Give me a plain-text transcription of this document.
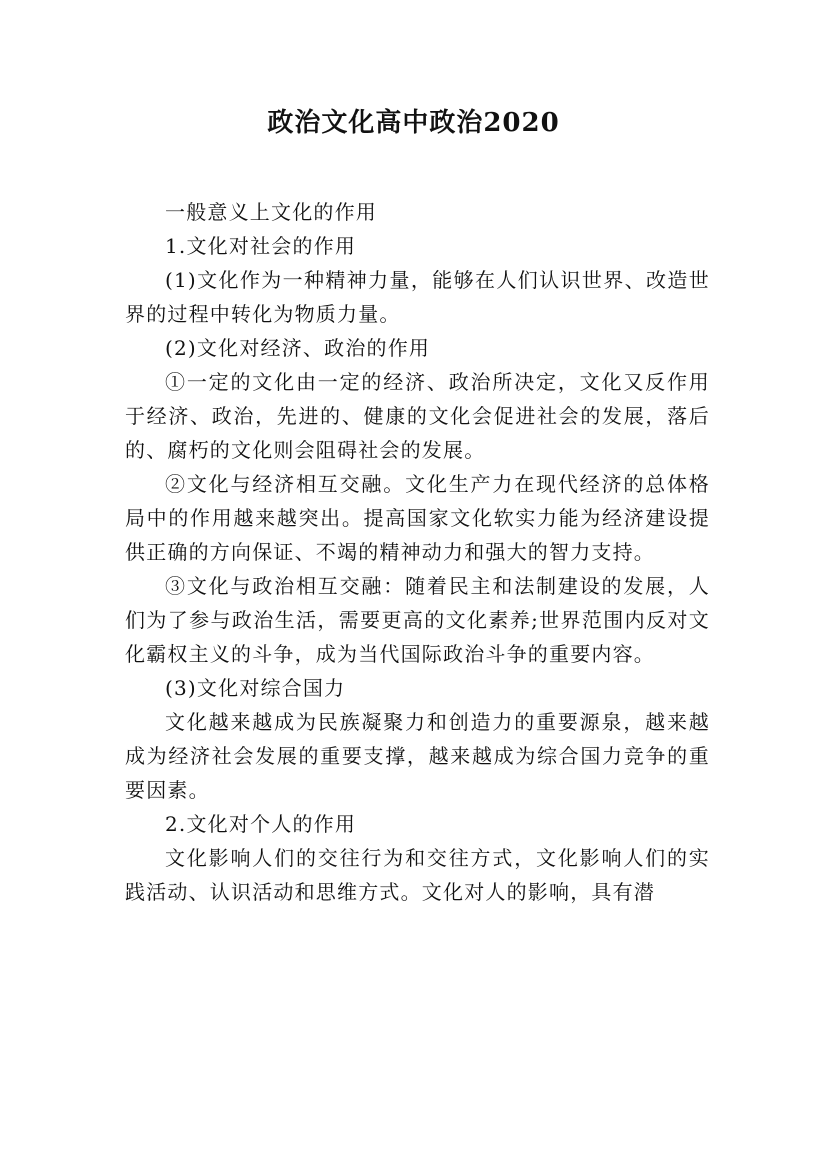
政治文化高中政治2020

一般意义上文化的作用

1.文化对社会的作用

(1)文化作为一种精神力量，能够在人们认识世界、改造世界的过程中转化为物质力量。

(2)文化对经济、政治的作用

①一定的文化由一定的经济、政治所决定，文化又反作用于经济、政治，先进的、健康的文化会促进社会的发展，落后的、腐朽的文化则会阻碍社会的发展。

②文化与经济相互交融。文化生产力在现代经济的总体格局中的作用越来越突出。提高国家文化软实力能为经济建设提供正确的方向保证、不竭的精神动力和强大的智力支持。

③文化与政治相互交融：随着民主和法制建设的发展，人们为了参与政治生活，需要更高的文化素养;世界范围内反对文化霸权主义的斗争，成为当代国际政治斗争的重要内容。

(3)文化对综合国力

文化越来越成为民族凝聚力和创造力的重要源泉，越来越成为经济社会发展的重要支撑，越来越成为综合国力竞争的重要因素。

2.文化对个人的作用

文化影响人们的交往行为和交往方式，文化影响人们的实践活动、认识活动和思维方式。文化对人的影响，具有潜
